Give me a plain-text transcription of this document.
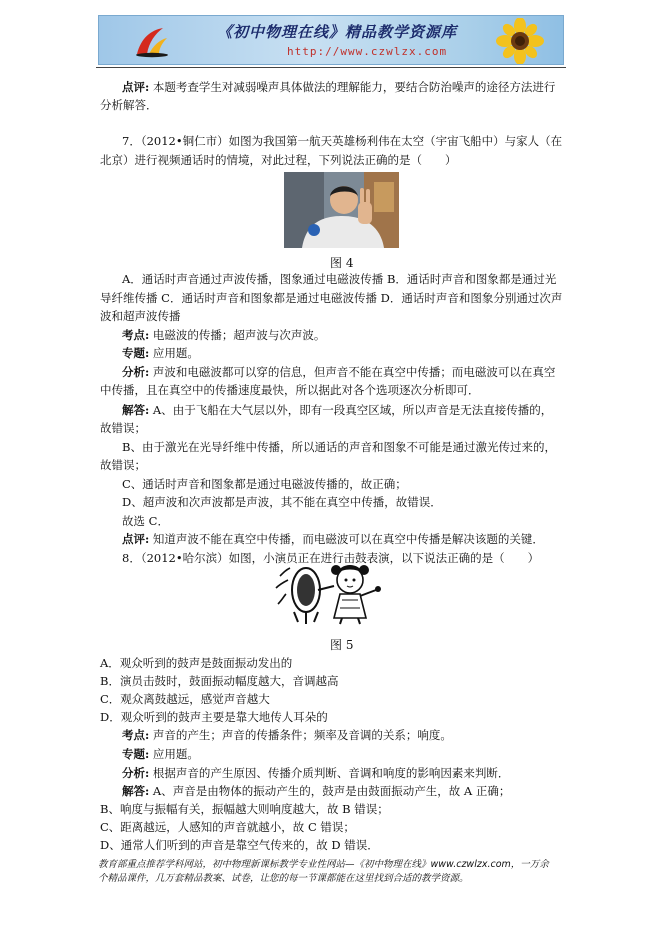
《初中物理在线》精品教学资源库
http://www.czwlzx.com
点评: 本题考查学生对减弱噪声具体做法的理解能力，要结合防治噪声的途径方法进行
分析解答．
7．（2012•铜仁市）如图为我国第一航天英雄杨利伟在太空（宇宙飞船中）与家人（在
北京）进行视频通话时的情境，对此过程，下列说法正确的是（　　）
图 4
A．通话时声音通过声波传播，图象通过电磁波传播 B．通话时声音和图象都是通过光
导纤维传播 C．通话时声音和图象都是通过电磁波传播 D．通话时声音和图象分别通过次声
波和超声波传播
考点: 电磁波的传播；超声波与次声波。
专题: 应用题。
分析: 声波和电磁波都可以穿的信息，但声音不能在真空中传播；而电磁波可以在真空
中传播，且在真空中的传播速度最快，所以据此对各个选项逐次分析即可．
解答: A、由于飞船在大气层以外，即有一段真空区域，所以声音是无法直接传播的，
故错误；
B、由于激光在光导纤维中传播，所以通话的声音和图象不可能是通过激光传过来的，
故错误；
C、通话时声音和图象都是通过电磁波传播的，故正确；
D、超声波和次声波都是声波，其不能在真空中传播，故错误．
故选 C．
点评: 知道声波不能在真空中传播，而电磁波可以在真空中传播是解决该题的关键．
8．（2012•哈尔滨）如图，小演员正在进行击鼓表演，以下说法正确的是（　　）
图 5
A．观众听到的鼓声是鼓面振动发出的
B．演员击鼓时，鼓面振动幅度越大，音调越高
C．观众离鼓越远，感觉声音越大
D．观众听到的鼓声主要是靠大地传人耳朵的
考点: 声音的产生；声音的传播条件；频率及音调的关系；响度。
专题: 应用题。
分析: 根据声音的产生原因、传播介质判断、音调和响度的影响因素来判断．
解答: A、声音是由物体的振动产生的，鼓声是由鼓面振动产生，故 A 正确；
B、响度与振幅有关，振幅越大则响度越大，故 B 错误；
C、距离越远，人感知的声音就越小，故 C 错误；
D、通常人们听到的声音是靠空气传来的，故 D 错误．
教育部重点推荐学科网站，初中物理新课标教学专业性网站—《初中物理在线》www.czwlzx.com，一万余
个精品课件，几万套精品教案、试卷，让您的每一节课都能在这里找到合适的教学资源。
